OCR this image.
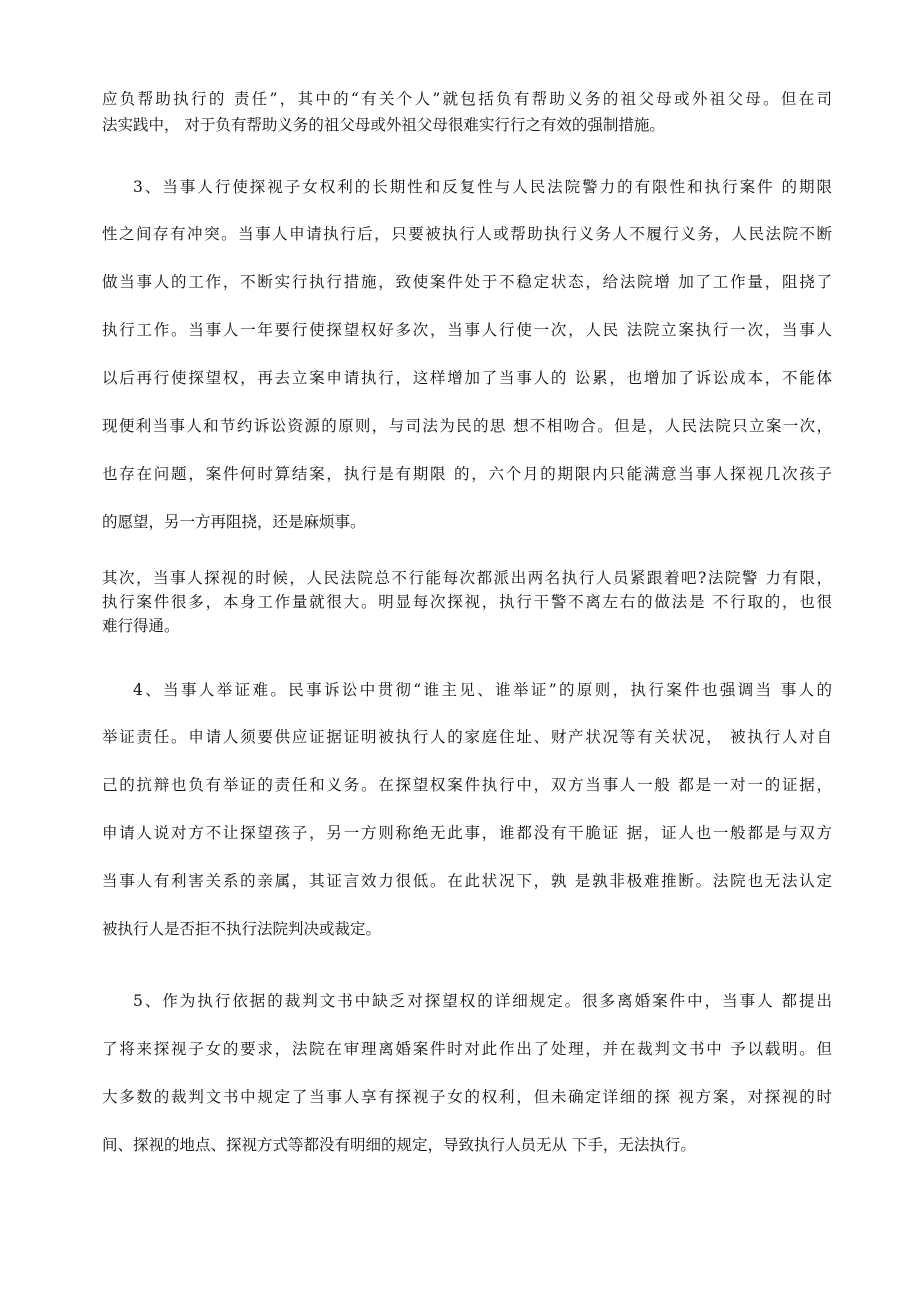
应负帮助执行的 责任”，其中的“有关个人”就包括负有帮助义务的祖父母或外祖父母。但在司
法实践中， 对于负有帮助义务的祖父母或外祖父母很难实行行之有效的强制措施。
3、当事人行使探视子女权利的长期性和反复性与人民法院警力的有限性和执行案件 的期限
性之间存有冲突。当事人申请执行后，只要被执行人或帮助执行义务人不履行义务，人民法院不断
做当事人的工作，不断实行执行措施，致使案件处于不稳定状态，给法院增 加了工作量，阻挠了
执行工作。当事人一年要行使探望权好多次，当事人行使一次，人民 法院立案执行一次，当事人
以后再行使探望权，再去立案申请执行，这样增加了当事人的 讼累，也增加了诉讼成本，不能体
现便利当事人和节约诉讼资源的原则，与司法为民的思 想不相吻合。但是，人民法院只立案一次，
也存在问题，案件何时算结案，执行是有期限 的，六个月的期限内只能满意当事人探视几次孩子
的愿望，另一方再阻挠，还是麻烦事。
其次，当事人探视的时候，人民法院总不行能每次都派出两名执行人员紧跟着吧?法院警 力有限，
执行案件很多，本身工作量就很大。明显每次探视，执行干警不离左右的做法是 不行取的，也很
难行得通。
4、当事人举证难。民事诉讼中贯彻“谁主见、谁举证”的原则，执行案件也强调当 事人的
举证责任。申请人须要供应证据证明被执行人的家庭住址、财产状况等有关状况， 被执行人对自
己的抗辩也负有举证的责任和义务。在探望权案件执行中，双方当事人一般 都是一对一的证据，
申请人说对方不让探望孩子，另一方则称绝无此事，谁都没有干脆证 据，证人也一般都是与双方
当事人有利害关系的亲属，其证言效力很低。在此状况下，孰 是孰非极难推断。法院也无法认定
被执行人是否拒不执行法院判决或裁定。
5、作为执行依据的裁判文书中缺乏对探望权的详细规定。很多离婚案件中，当事人 都提出
了将来探视子女的要求，法院在审理离婚案件时对此作出了处理，并在裁判文书中 予以载明。但
大多数的裁判文书中规定了当事人享有探视子女的权利，但未确定详细的探 视方案，对探视的时
间、探视的地点、探视方式等都没有明细的规定，导致执行人员无从 下手，无法执行。
